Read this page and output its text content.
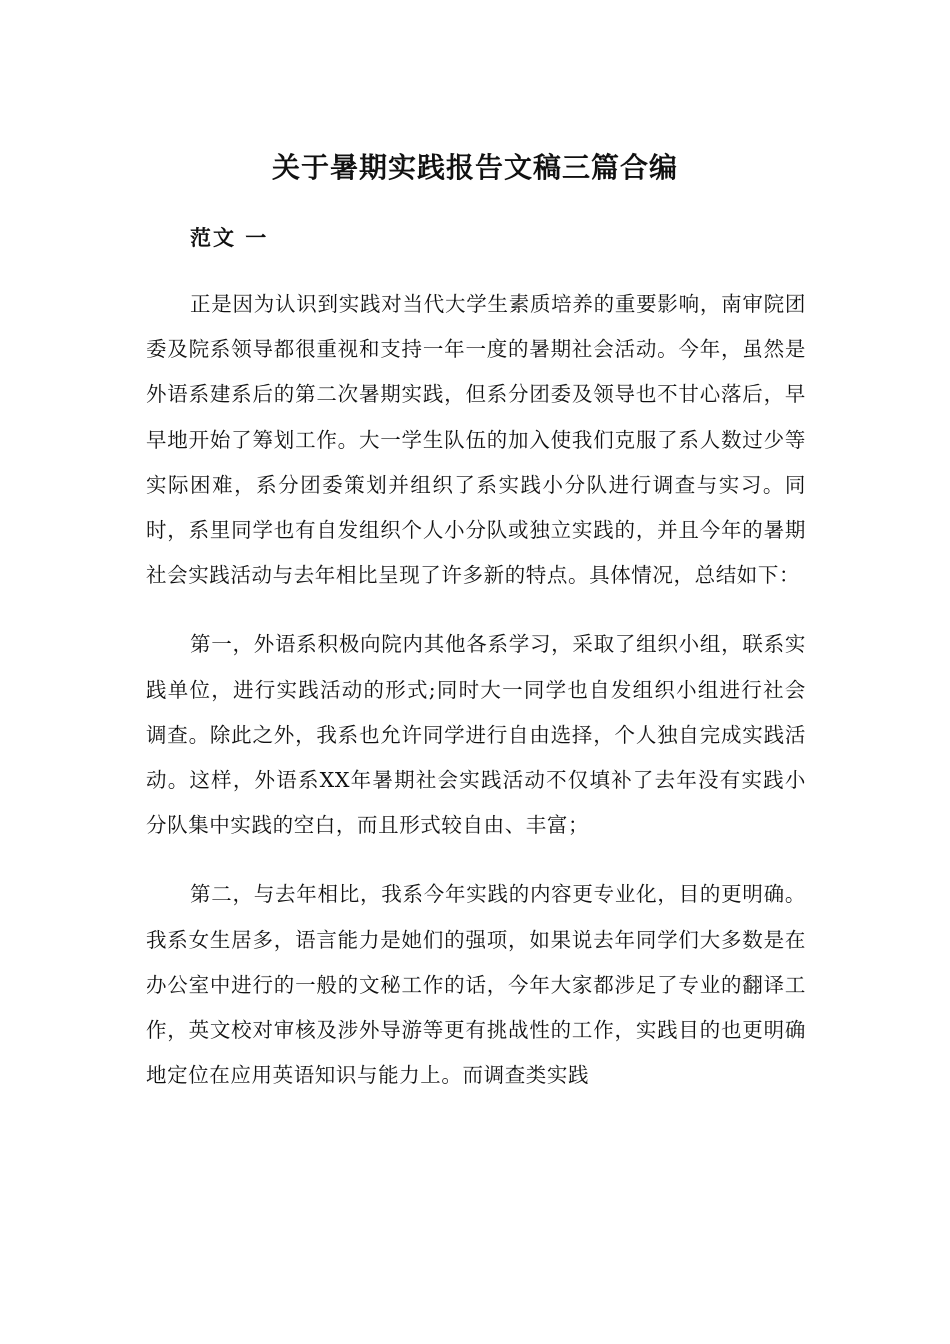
关于暑期实践报告文稿三篇合编
范文 一

正是因为认识到实践对当代大学生素质培养的重要影响，南审院团委及院系领导都很重视和支持一年一度的暑期社会活动。今年，虽然是外语系建系后的第二次暑期实践，但系分团委及领导也不甘心落后，早早地开始了筹划工作。大一学生队伍的加入使我们克服了系人数过少等实际困难，系分团委策划并组织了系实践小分队进行调查与实习。同时，系里同学也有自发组织个人小分队或独立实践的，并且今年的暑期社会实践活动与去年相比呈现了许多新的特点。具体情况，总结如下：

第一，外语系积极向院内其他各系学习，采取了组织小组，联系实践单位，进行实践活动的形式;同时大一同学也自发组织小组进行社会调查。除此之外，我系也允许同学进行自由选择，个人独自完成实践活动。这样，外语系XX年暑期社会实践活动不仅填补了去年没有实践小分队集中实践的空白，而且形式较自由、丰富；

第二，与去年相比，我系今年实践的内容更专业化，目的更明确。我系女生居多，语言能力是她们的强项，如果说去年同学们大多数是在办公室中进行的一般的文秘工作的话，今年大家都涉足了专业的翻译工作，英文校对审核及涉外导游等更有挑战性的工作，实践目的也更明确地定位在应用英语知识与能力上。而调查类实践
